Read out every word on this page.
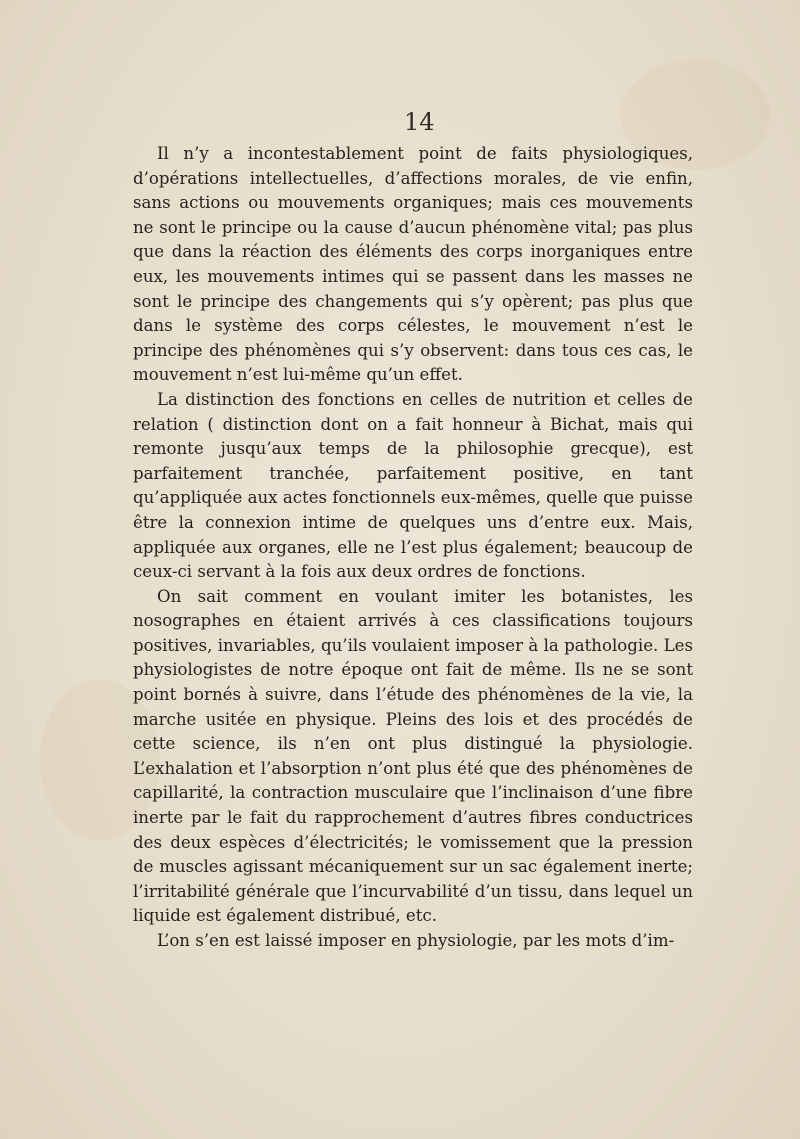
14

Il n’y a incontestablement point de faits physiologiques, d’opérations intellectuelles, d’affections morales, de vie enfin, sans actions ou mouvements organiques; mais ces mouvements ne sont le principe ou la cause d’aucun phénomène vital; pas plus que dans la réaction des éléments des corps inorganiques entre eux, les mouvements intimes qui se passent dans les masses ne sont le principe des changements qui s’y opèrent; pas plus que dans le système des corps célestes, le mouvement n’est le principe des phénomènes qui s’y observent: dans tous ces cas, le mouvement n’est lui-même qu’un effet.

La distinction des fonctions en celles de nutrition et celles de relation ( distinction dont on a fait honneur à Bichat, mais qui remonte jusqu’aux temps de la philosophie grecque), est parfaitement tranchée, parfaitement positive, en tant qu’appliquée aux actes fonctionnels eux-mêmes, quelle que puisse être la connexion intime de quelques uns d’entre eux. Mais, appliquée aux organes, elle ne l’est plus également; beaucoup de ceux-ci servant à la fois aux deux ordres de fonctions.

On sait comment en voulant imiter les botanistes, les nosographes en étaient arrivés à ces classifications toujours positives, invariables, qu’ils voulaient imposer à la pathologie. Les physiologistes de notre époque ont fait de même. Ils ne se sont point bornés à suivre, dans l’étude des phénomènes de la vie, la marche usitée en physique. Pleins des lois et des procédés de cette science, ils n’en ont plus distingué la physiologie. L’exhalation et l’absorption n’ont plus été que des phénomènes de capillarité, la contraction musculaire que l’inclinaison d’une fibre inerte par le fait du rapprochement d’autres fibres conductrices des deux espèces d’électricités; le vomissement que la pression de muscles agissant mécaniquement sur un sac également inerte; l’irritabilité générale que l’incurvabilité d’un tissu, dans lequel un liquide est également distribué, etc.

L’on s’en est laissé imposer en physiologie, par les mots d’im-
